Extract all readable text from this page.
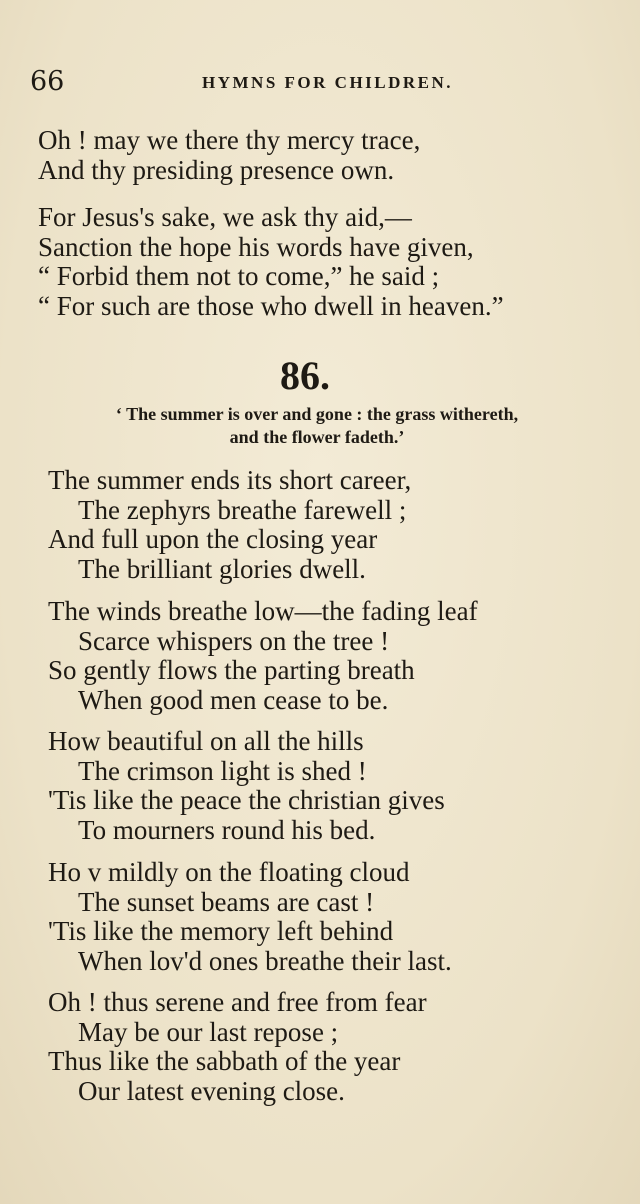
66	HYMNS FOR CHILDREN.
Oh ! may we there thy mercy trace,
And thy presiding presence own.
For Jesus's sake, we ask thy aid,—
Sanction the hope his words have given,
“ Forbid them not to come,” he said ;
“ For such are those who dwell in heaven.”
86.
‘ The summer is over and gone : the grass withereth,
and the flower fadeth.’
The summer ends its short career,
The zephyrs breathe farewell ;
And full upon the closing year
The brilliant glories dwell.
The winds breathe low—the fading leaf
Scarce whispers on the tree !
So gently flows the parting breath
When good men cease to be.
How beautiful on all the hills
The crimson light is shed !
'Tis like the peace the christian gives
To mourners round his bed.
Ho v mildly on the floating cloud
The sunset beams are cast !
'Tis like the memory left behind
When lov'd ones breathe their last.
Oh ! thus serene and free from fear
May be our last repose ;
Thus like the sabbath of the year
Our latest evening close.
